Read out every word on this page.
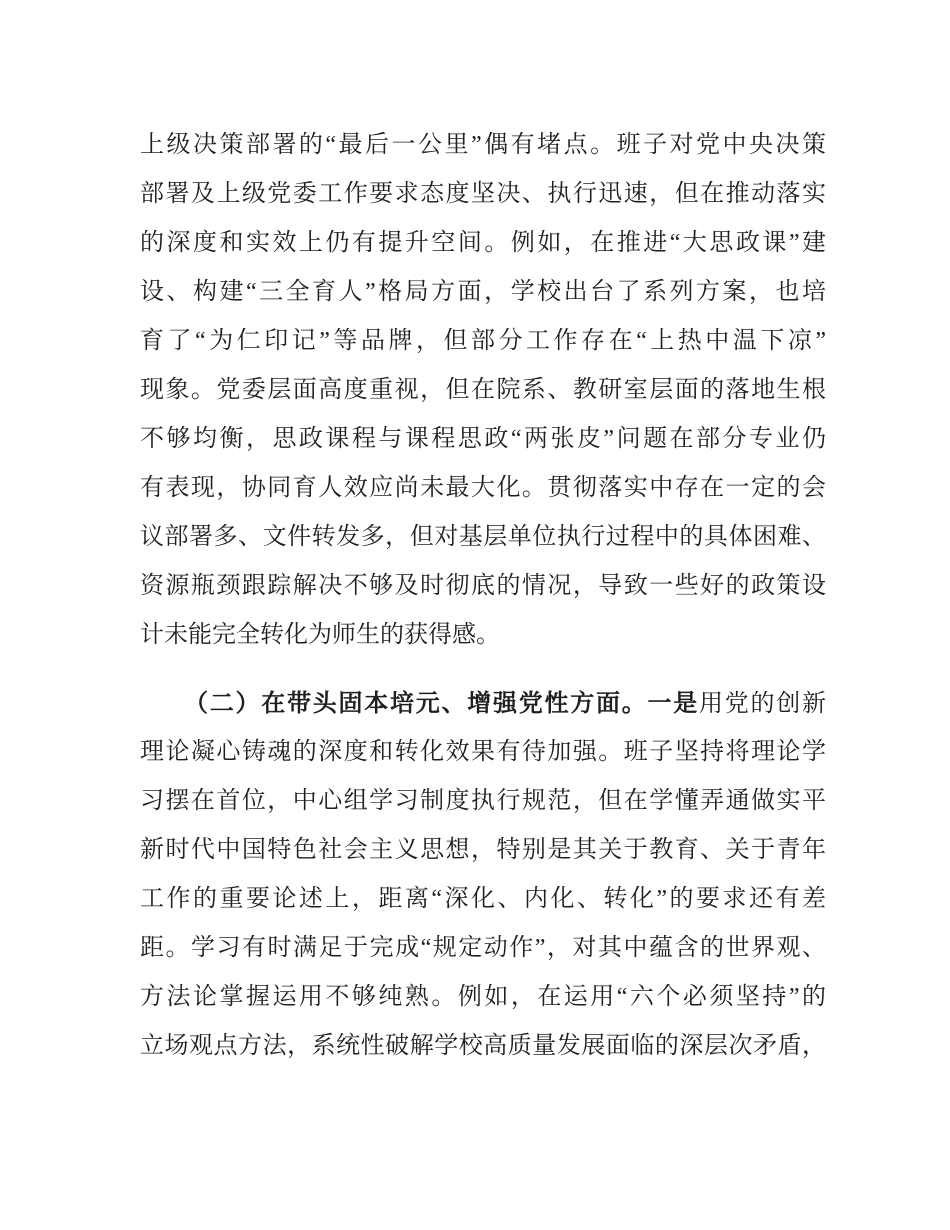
上级决策部署的“最后一公里”偶有堵点。班子对党中央决策
部署及上级党委工作要求态度坚决、执行迅速，但在推动落实
的深度和实效上仍有提升空间。例如，在推进“大思政课”建
设、构建“三全育人”格局方面，学校出台了系列方案，也培
育了“为仁印记”等品牌，但部分工作存在“上热中温下凉”
现象。党委层面高度重视，但在院系、教研室层面的落地生根
不够均衡，思政课程与课程思政“两张皮”问题在部分专业仍
有表现，协同育人效应尚未最大化。贯彻落实中存在一定的会
议部署多、文件转发多，但对基层单位执行过程中的具体困难、
资源瓶颈跟踪解决不够及时彻底的情况，导致一些好的政策设
计未能完全转化为师生的获得感。
（二）在带头固本培元、增强党性方面。一是用党的创新
理论凝心铸魂的深度和转化效果有待加强。班子坚持将理论学
习摆在首位，中心组学习制度执行规范，但在学懂弄通做实平
新时代中国特色社会主义思想，特别是其关于教育、关于青年
工作的重要论述上，距离“深化、内化、转化”的要求还有差
距。学习有时满足于完成“规定动作”，对其中蕴含的世界观、
方法论掌握运用不够纯熟。例如，在运用“六个必须坚持”的
立场观点方法，系统性破解学校高质量发展面临的深层次矛盾，
